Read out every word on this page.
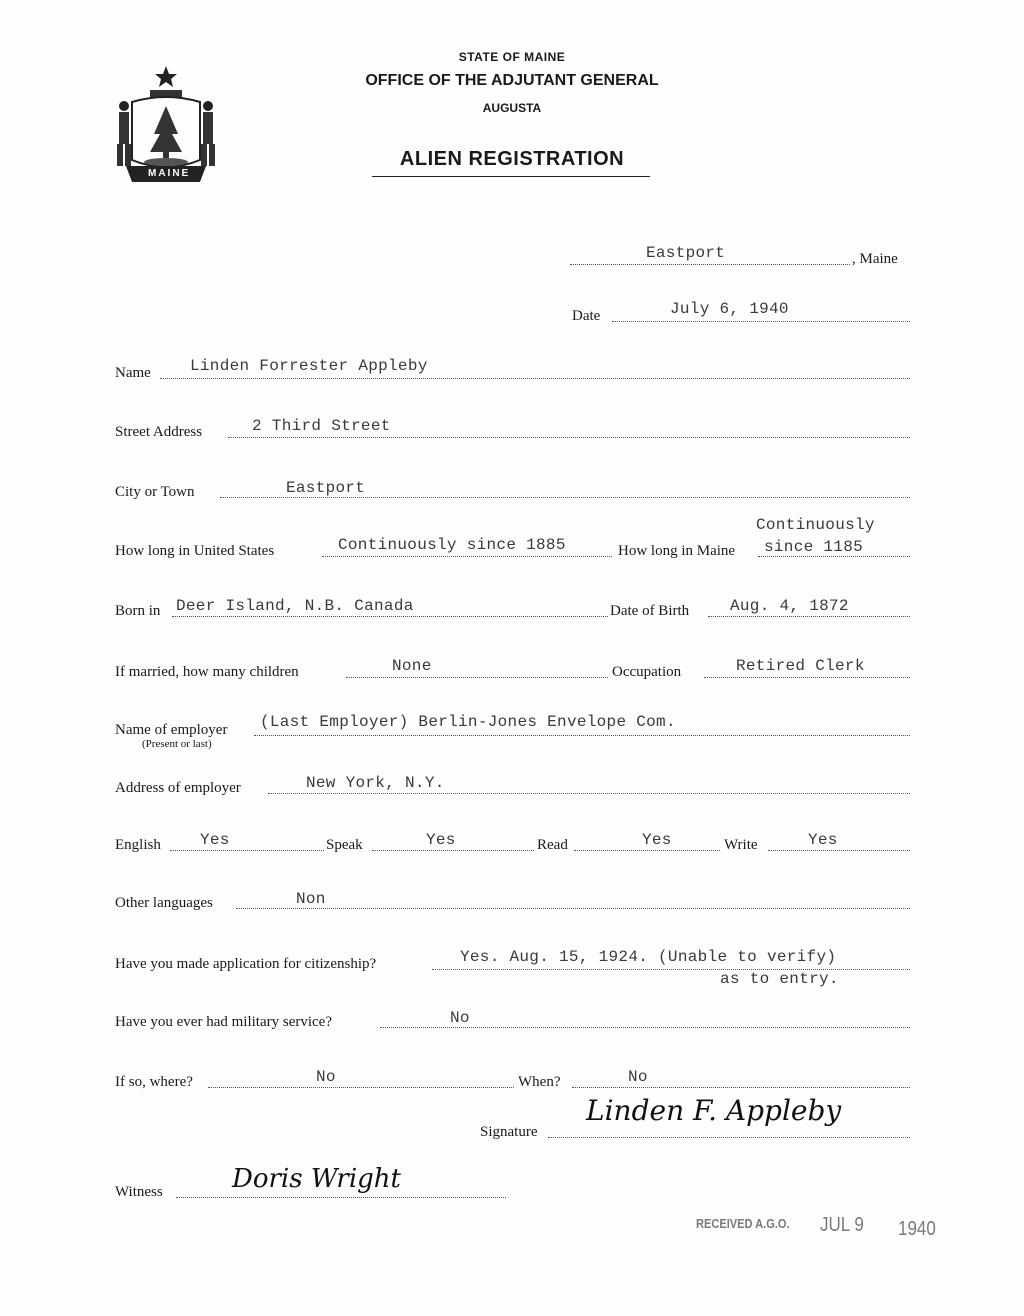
MAINE
STATE OF MAINE
OFFICE OF THE ADJUTANT GENERAL
AUGUSTA
ALIEN REGISTRATION
Eastport	, Maine
Date	July 6, 1940
Name Linden Forrester Appleby
Street Address	2 Third Street
City or Town	Eastport
How long in United States	Continuously since 1885	How long in Maine
Continuously
since 1185
Born in Deer Island, N.B. Canada	Date of Birth	Aug. 4, 1872
If married, how many children	None	Occupation	Retired Clerk
Name of employer
(Present or last)
(Last Employer) Berlin-Jones Envelope Com.
Address of employer	New York, N.Y.
English Yes	Speak	Yes	Read	Yes	Write	Yes
Other languages	Non
Have you made application for citizenship?	Yes. Aug. 15, 1924. (Unable to verify)
as to entry.
Have you ever had military service?	No
If so, where?	No	When?	No
Signature
Linden F. Appleby
Witness	Doris Wright
RECEIVED A.G.O. JUL 9 1940
